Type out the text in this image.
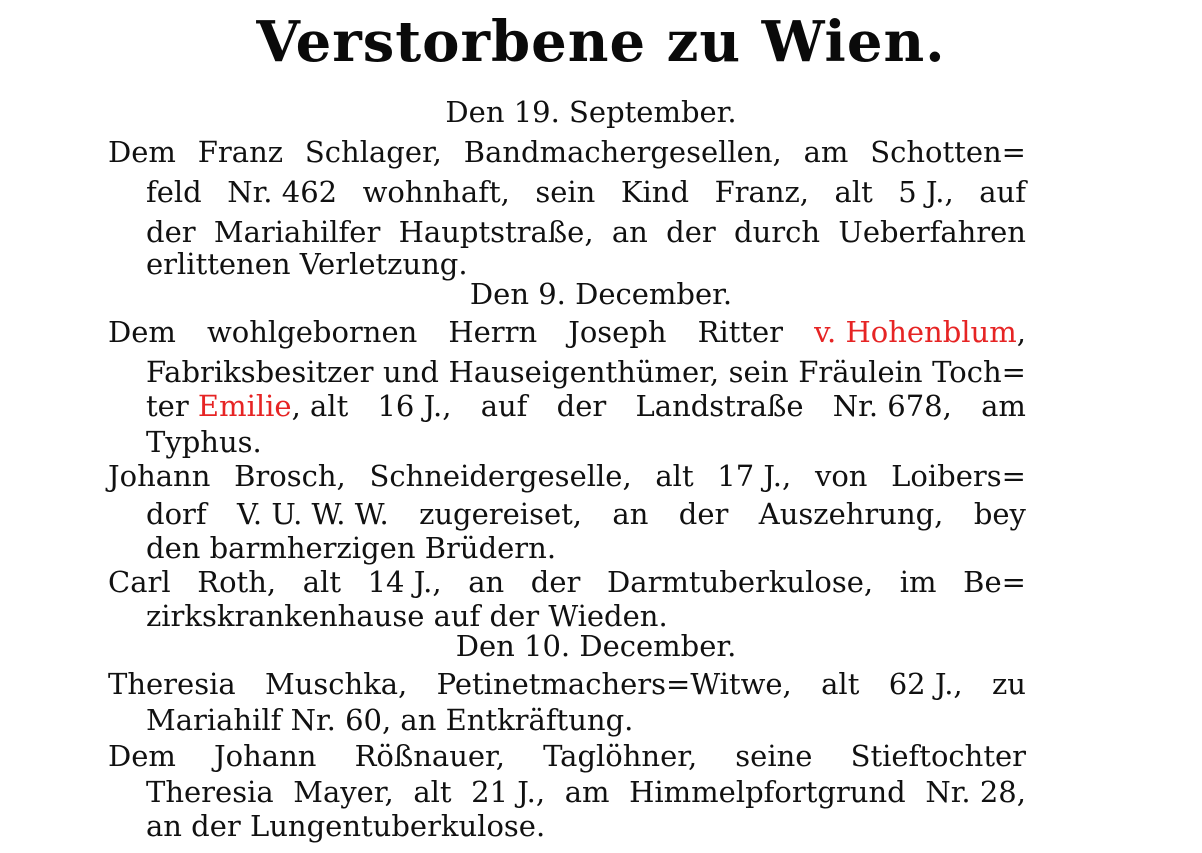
Verstorbene zu Wien.
Den 19. September.
Dem Franz Schlager, Bandmachergesellen, am Schotten=
feld Nr. 462 wohnhaft, sein Kind Franz, alt 5 J., auf
der Mariahilfer Hauptstraße, an der durch Ueberfahren
erlittenen Verletzung.
Den 9. December.
Dem wohlgebornen Herrn Joseph Ritter v. Hohenblum,
Fabriksbesitzer und Hauseigenthümer, sein Fräulein Toch=
ter Emilie, alt 16 J., auf der Landstraße Nr. 678, am
Typhus.
Johann Brosch, Schneidergeselle, alt 17 J., von Loibers=
dorf V. U. W. W. zugereiset, an der Auszehrung, bey
den barmherzigen Brüdern.
Carl Roth, alt 14 J., an der Darmtuberkulose, im Be=
zirkskrankenhause auf der Wieden.
Den 10. December.
Theresia Muschka, Petinetmachers=Witwe, alt 62 J., zu
Mariahilf Nr. 60, an Entkräftung.
Dem Johann Rößnauer, Taglöhner, seine Stieftochter
Theresia Mayer, alt 21 J., am Himmelpfortgrund Nr. 28,
an der Lungentuberkulose.
